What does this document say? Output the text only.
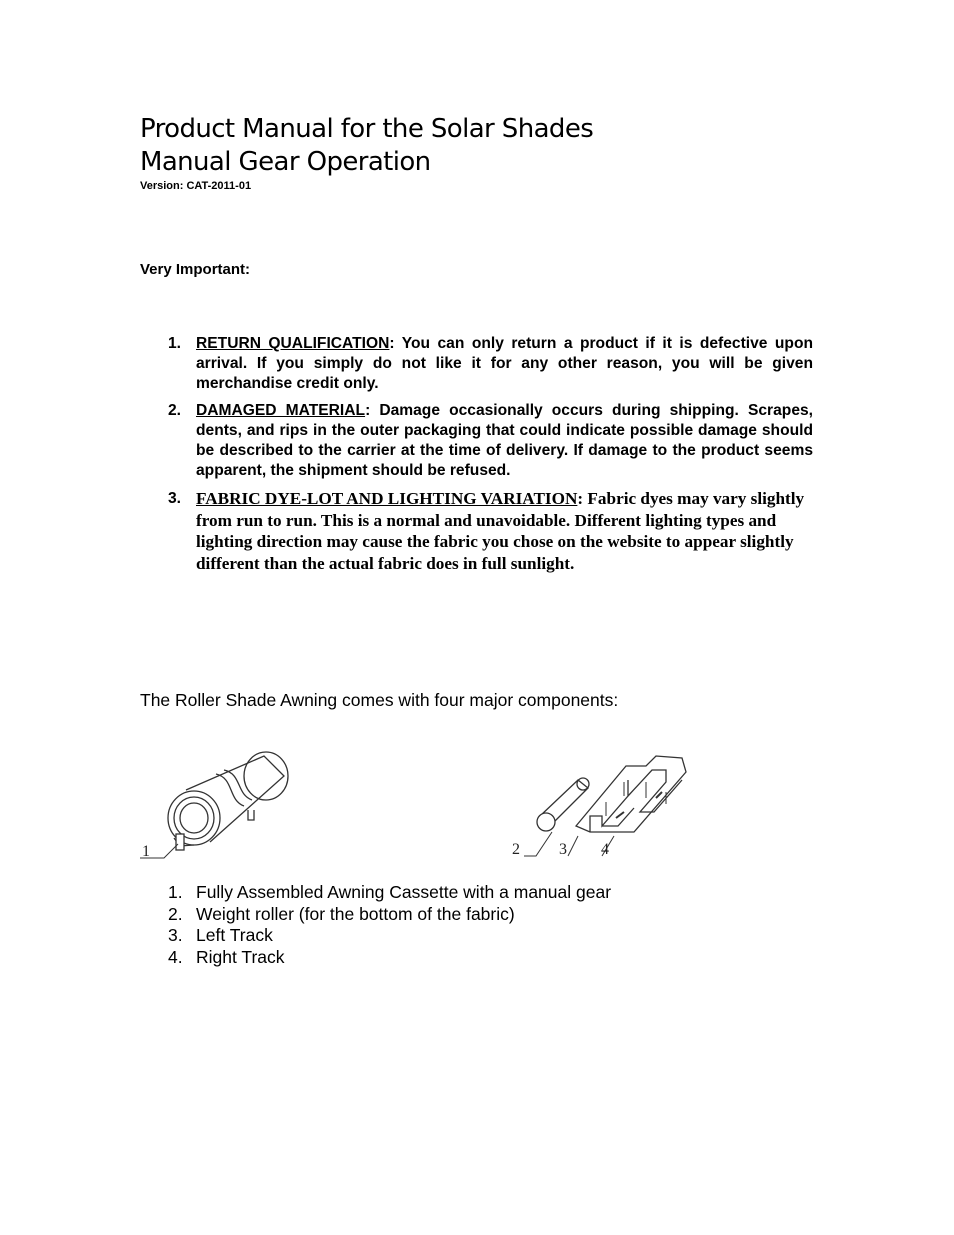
Product Manual for the Solar Shades
Manual Gear Operation
Version: CAT-2011-01
Very Important:
1. RETURN QUALIFICATION: You can only return a product if it is defective upon arrival. If you simply do not like it for any other reason, you will be given merchandise credit only.
2. DAMAGED MATERIAL: Damage occasionally occurs during shipping. Scrapes, dents, and rips in the outer packaging that could indicate possible damage should be described to the carrier at the time of delivery. If damage to the product seems apparent, the shipment should be refused.
3. FABRIC DYE-LOT AND LIGHTING VARIATION: Fabric dyes may vary slightly from run to run. This is a normal and unavoidable. Different lighting types and lighting direction may cause the fabric you chose on the website to appear slightly different than the actual fabric does in full sunlight.
The Roller Shade Awning comes with four major components:
1	2 3 4
1. Fully Assembled Awning Cassette with a manual gear
2. Weight roller (for the bottom of the fabric)
3. Left Track
4. Right Track
